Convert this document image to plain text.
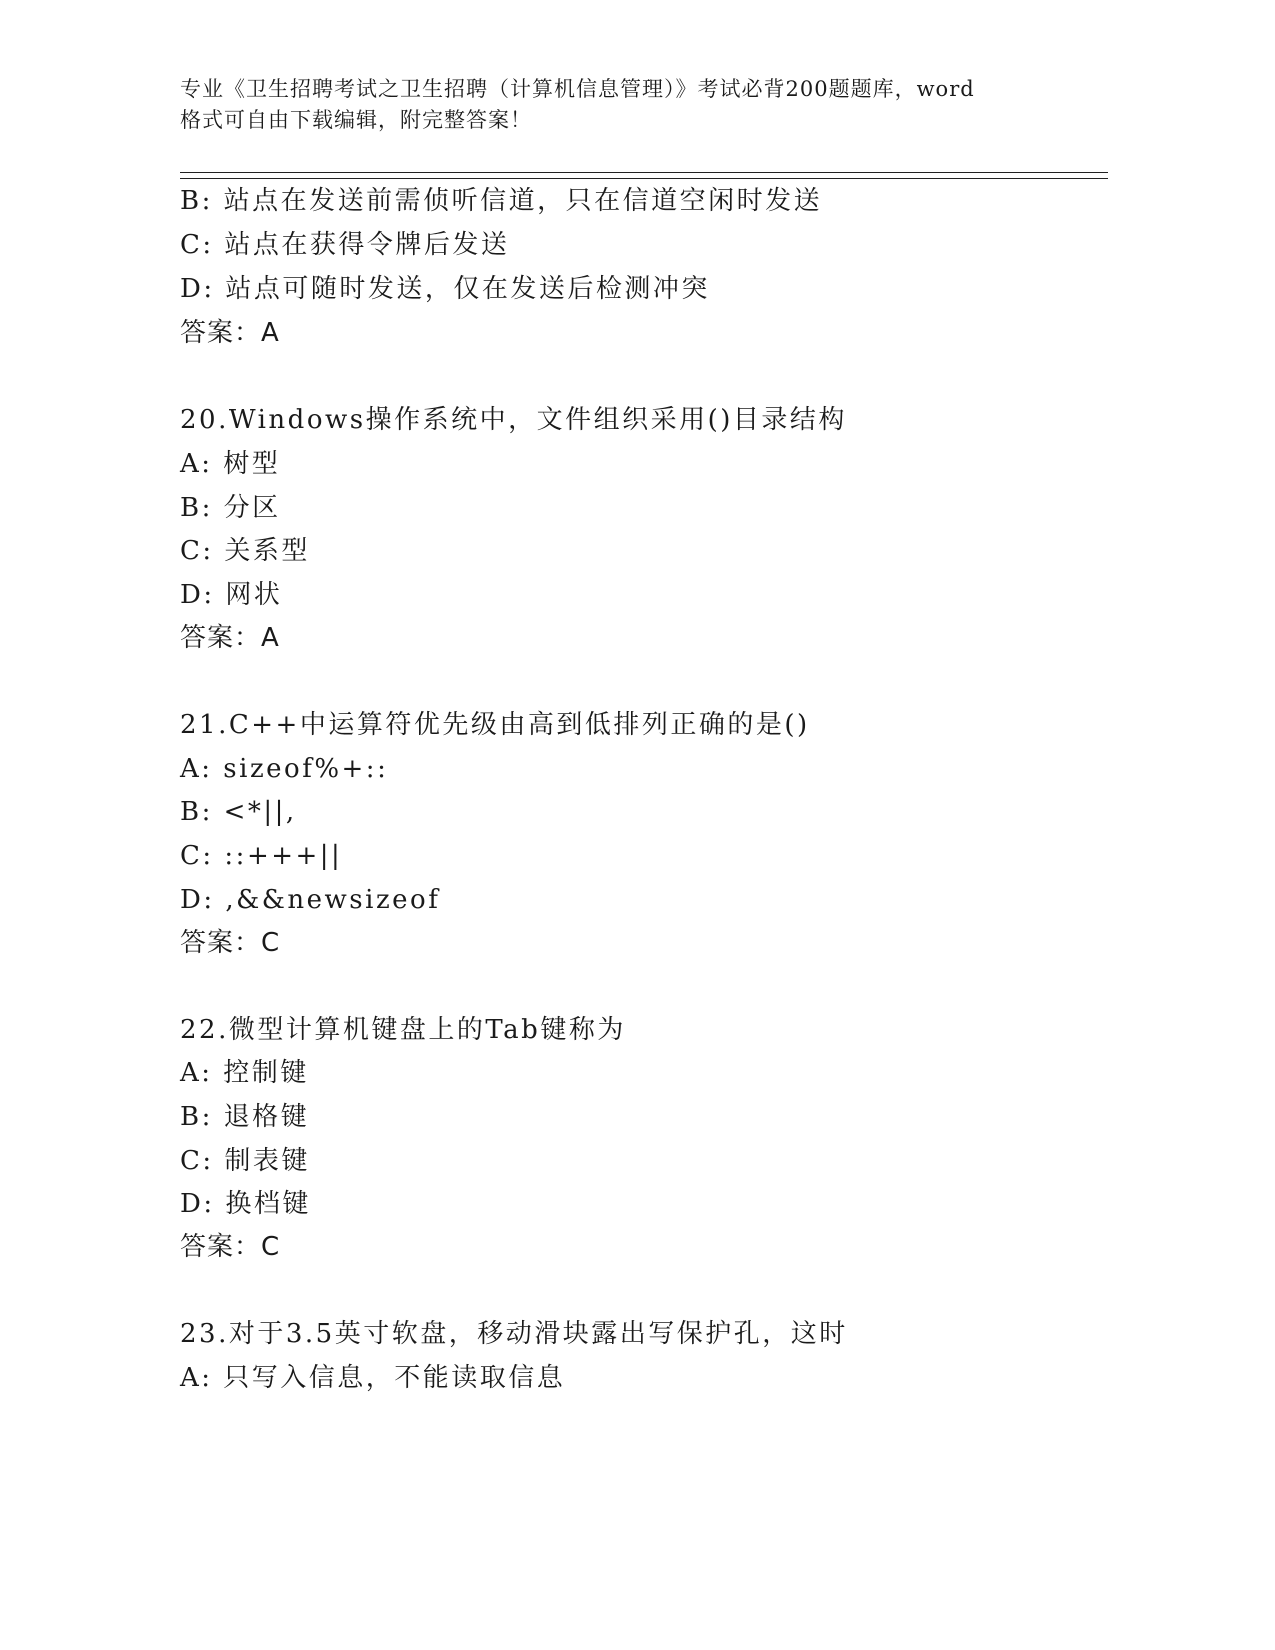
专业《卫生招聘考试之卫生招聘（计算机信息管理）》考试必背200题题库，word
格式可自由下载编辑，附完整答案！
B: 站点在发送前需侦听信道，只在信道空闲时发送
C: 站点在获得令牌后发送
D: 站点可随时发送，仅在发送后检测冲突
答案：A
20.Windows操作系统中，文件组织采用()目录结构
A: 树型
B: 分区
C: 关系型
D: 网状
答案：A
21.C++中运算符优先级由高到低排列正确的是()
A: sizeof%+::
B: <*||,
C: ::+++||
D: ,&&newsizeof
答案：C
22.微型计算机键盘上的Tab键称为
A: 控制键
B: 退格键
C: 制表键
D: 换档键
答案：C
23.对于3.5英寸软盘，移动滑块露出写保护孔，这时
A: 只写入信息，不能读取信息
